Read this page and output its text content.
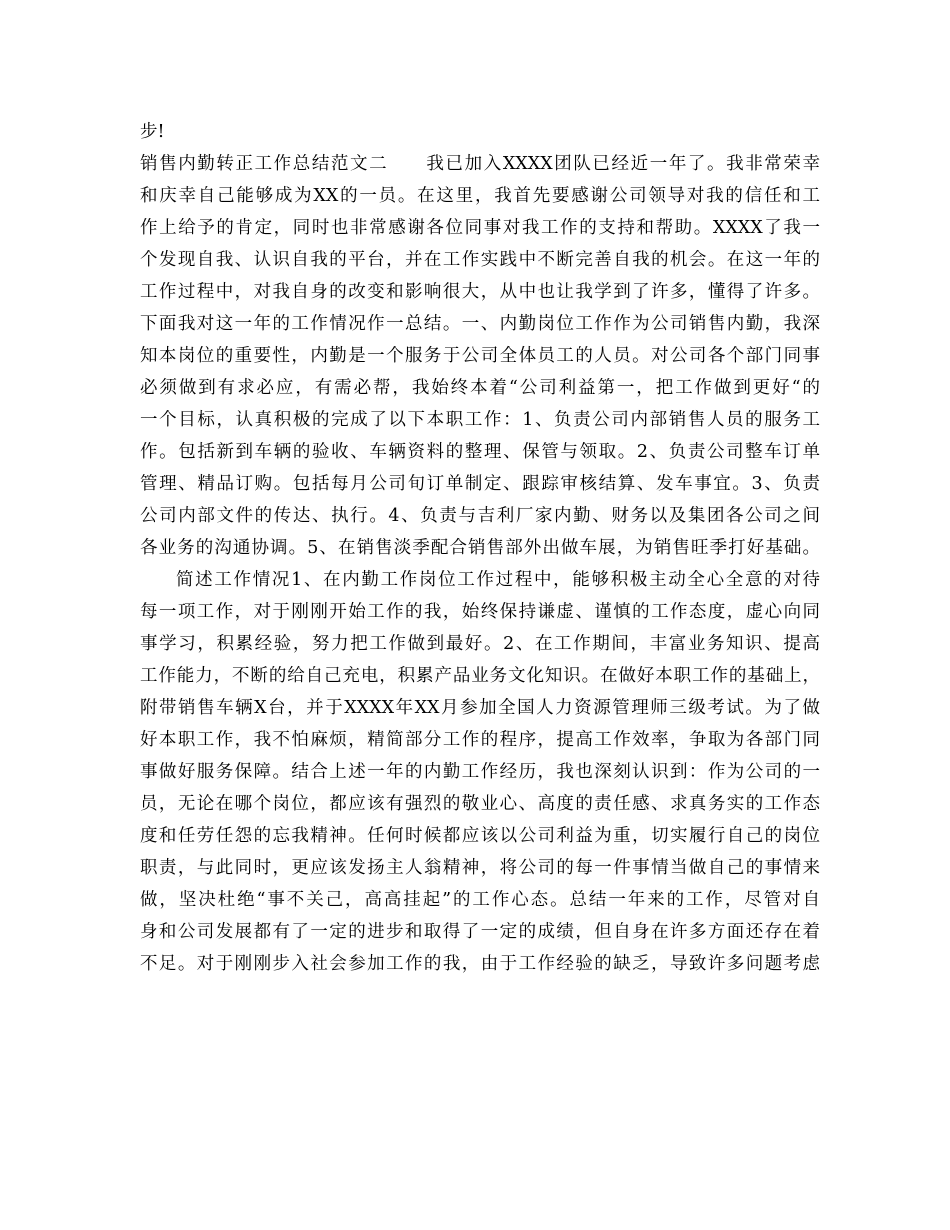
步!
销售内勤转正工作总结范文二　　我已加入XXXX团队已经近一年了。我非常荣幸
和庆幸自己能够成为XX的一员。在这里，我首先要感谢公司领导对我的信任和工
作上给予的肯定，同时也非常感谢各位同事对我工作的支持和帮助。XXXX了我一
个发现自我、认识自我的平台，并在工作实践中不断完善自我的机会。在这一年的
工作过程中，对我自身的改变和影响很大，从中也让我学到了许多，懂得了许多。
下面我对这一年的工作情况作一总结。一、内勤岗位工作作为公司销售内勤，我深
知本岗位的重要性，内勤是一个服务于公司全体员工的人员。对公司各个部门同事
必须做到有求必应，有需必帮，我始终本着“公司利益第一，把工作做到更好“的
一个目标，认真积极的完成了以下本职工作：1、负责公司内部销售人员的服务工
作。包括新到车辆的验收、车辆资料的整理、保管与领取。2、负责公司整车订单
管理、精品订购。包括每月公司旬订单制定、跟踪审核结算、发车事宜。3、负责
公司内部文件的传达、执行。4、负责与吉利厂家内勤、财务以及集团各公司之间
各业务的沟通协调。5、在销售淡季配合销售部外出做车展，为销售旺季打好基础。
简述工作情况1、在内勤工作岗位工作过程中，能够积极主动全心全意的对待
每一项工作，对于刚刚开始工作的我，始终保持谦虚、谨慎的工作态度，虚心向同
事学习，积累经验，努力把工作做到最好。2、在工作期间，丰富业务知识、提高
工作能力，不断的给自己充电，积累产品业务文化知识。在做好本职工作的基础上，
附带销售车辆X台，并于XXXX年XX月参加全国人力资源管理师三级考试。为了做
好本职工作，我不怕麻烦，精简部分工作的程序，提高工作效率，争取为各部门同
事做好服务保障。结合上述一年的内勤工作经历，我也深刻认识到：作为公司的一
员，无论在哪个岗位，都应该有强烈的敬业心、高度的责任感、求真务实的工作态
度和任劳任怨的忘我精神。任何时候都应该以公司利益为重，切实履行自己的岗位
职责，与此同时，更应该发扬主人翁精神，将公司的每一件事情当做自己的事情来
做，坚决杜绝“事不关己，高高挂起”的工作心态。总结一年来的工作，尽管对自
身和公司发展都有了一定的进步和取得了一定的成绩，但自身在许多方面还存在着
不足。对于刚刚步入社会参加工作的我，由于工作经验的缺乏，导致许多问题考虑
